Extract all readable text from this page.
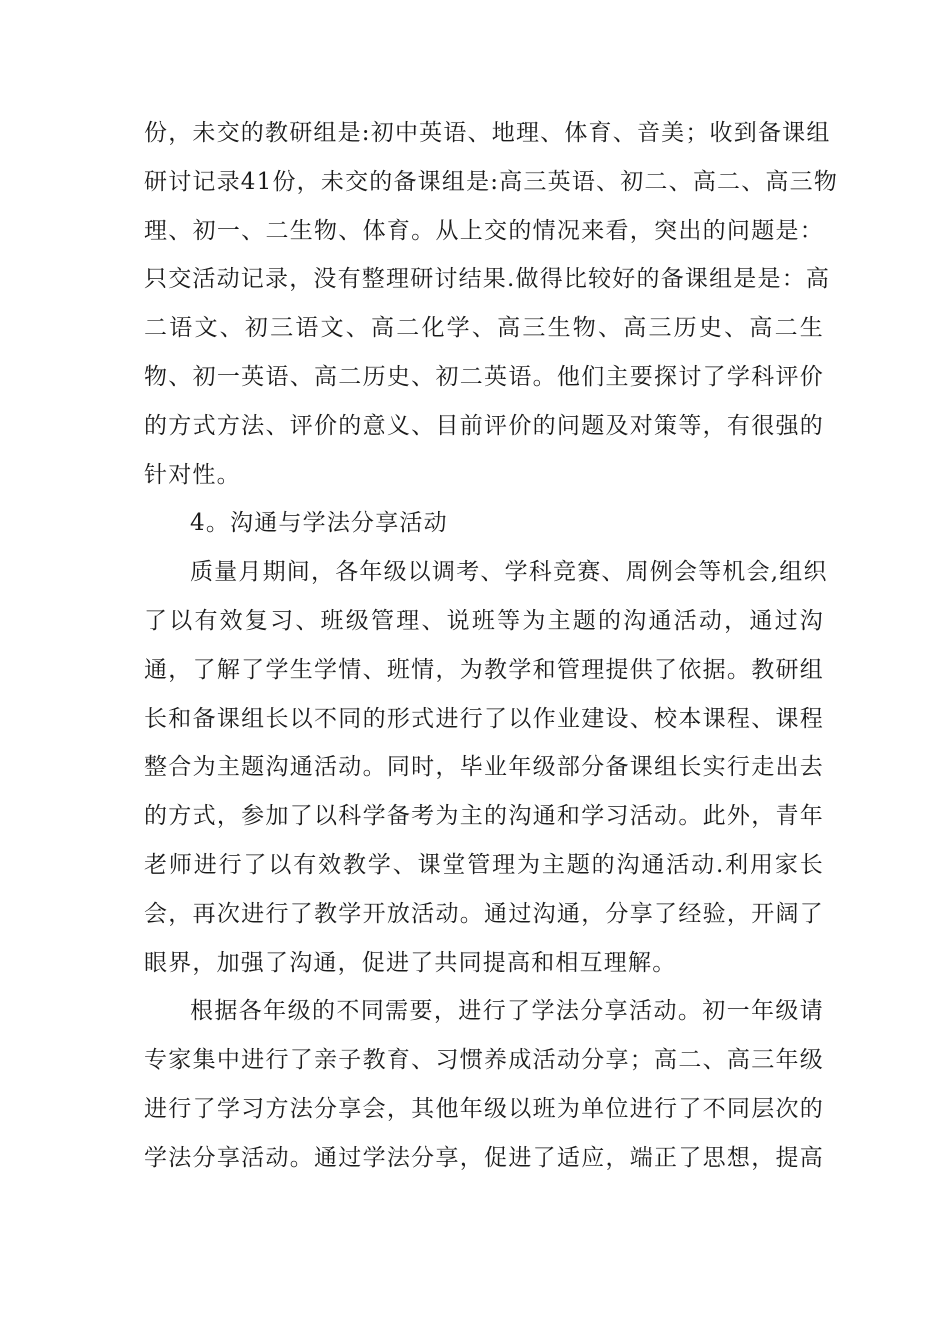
份，未交的教研组是:初中英语、地理、体育、音美；收到备课组
研讨记录41份，未交的备课组是:高三英语、初二、高二、高三物
理、初一、二生物、体育。从上交的情况来看，突出的问题是：
只交活动记录，没有整理研讨结果.做得比较好的备课组是是：高
二语文、初三语文、高二化学、高三生物、高三历史、高二生
物、初一英语、高二历史、初二英语。他们主要探讨了学科评价
的方式方法、评价的意义、目前评价的问题及对策等，有很强的
针对性。
4。沟通与学法分享活动
质量月期间，各年级以调考、学科竞赛、周例会等机会,组织
了以有效复习、班级管理、说班等为主题的沟通活动，通过沟
通，了解了学生学情、班情，为教学和管理提供了依据。教研组
长和备课组长以不同的形式进行了以作业建设、校本课程、课程
整合为主题沟通活动。同时，毕业年级部分备课组长实行走出去
的方式，参加了以科学备考为主的沟通和学习活动。此外，青年
老师进行了以有效教学、课堂管理为主题的沟通活动.利用家长
会，再次进行了教学开放活动。通过沟通，分享了经验，开阔了
眼界，加强了沟通，促进了共同提高和相互理解。
根据各年级的不同需要，进行了学法分享活动。初一年级请
专家集中进行了亲子教育、习惯养成活动分享；高二、高三年级
进行了学习方法分享会，其他年级以班为单位进行了不同层次的
学法分享活动。通过学法分享，促进了适应，端正了思想，提高
